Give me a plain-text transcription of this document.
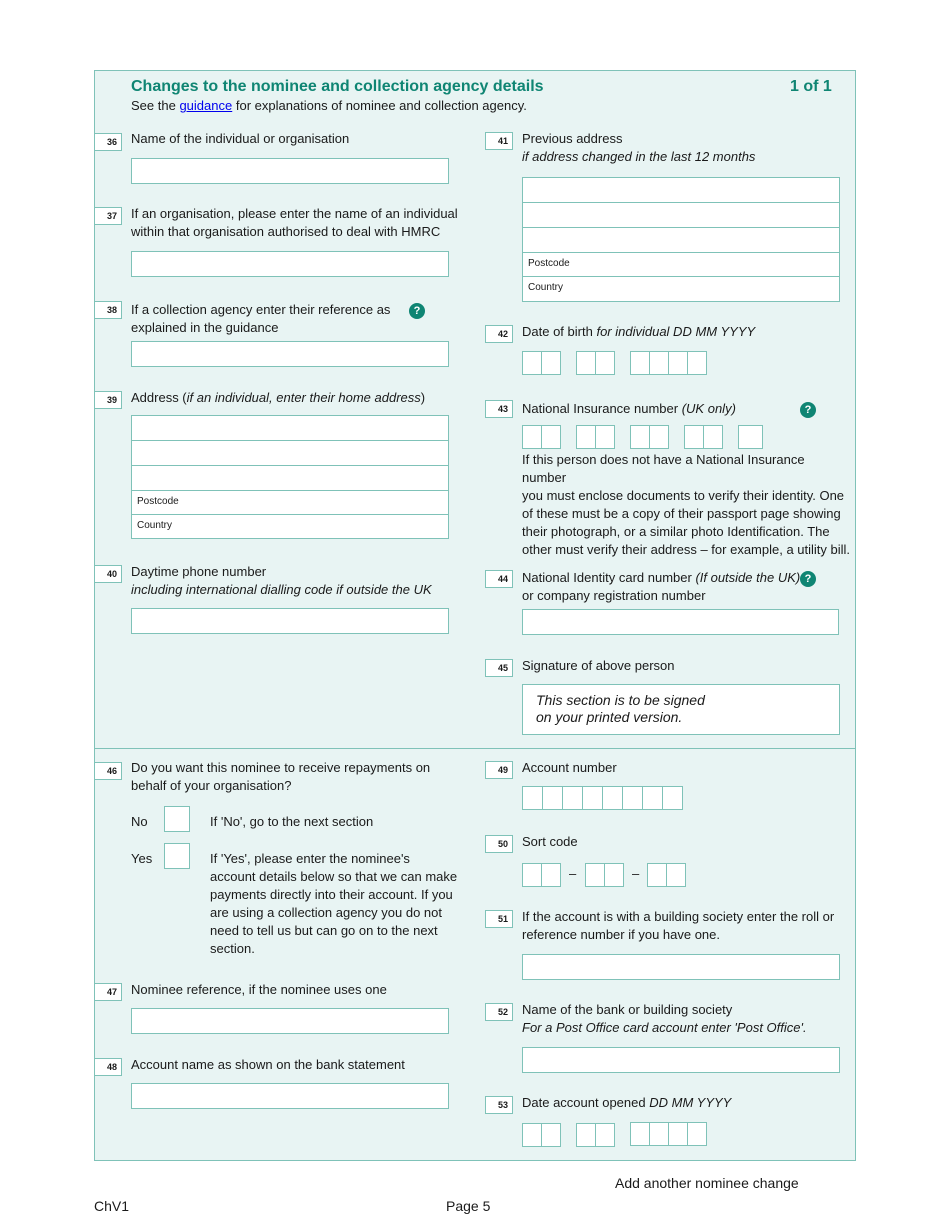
Changes to the nominee and collection agency details	1 of 1
See the guidance for explanations of nominee and collection agency.
36	Name of the individual or organisation
37	If an organisation, please enter the name of an individual
within that organisation authorised to deal with HMRC
38	If a collection agency enter their reference as
explained in the guidance
?
39	Address (if an individual, enter their home address)
Postcode
Country
40	Daytime phone number
including international dialling code if outside the UK
41	Previous address
if address changed in the last 12 months
Postcode
Country
42	Date of birth for individual DD MM YYYY
43	National Insurance number (UK only)	?
If this person does not have a National Insurance number
you must enclose documents to verify their identity. One
of these must be a copy of their passport page showing
their photograph, or a similar photo Identification. The
other must verify their address – for example, a utility bill.
44	National Identity card number (If outside the UK)
or company registration number
?
45	Signature of above person
This section is to be signed
on your printed version.
46	Do you want this nominee to receive repayments on
behalf of your organisation?
No	If 'No', go to the next section
Yes	If 'Yes', please enter the nominee's
account details below so that we can make
payments directly into their account. If you
are using a collection agency you do not
need to tell us but can go on to the next
section.
47	Nominee reference, if the nominee uses one
48	Account name as shown on the bank statement
49	Account number
50	Sort code
–	–
51	If the account is with a building society enter the roll or
reference number if you have one.
52	Name of the bank or building society
For a Post Office card account enter 'Post Office'.
53	Date account opened DD MM YYYY
Add another nominee change
ChV1	Page 5
